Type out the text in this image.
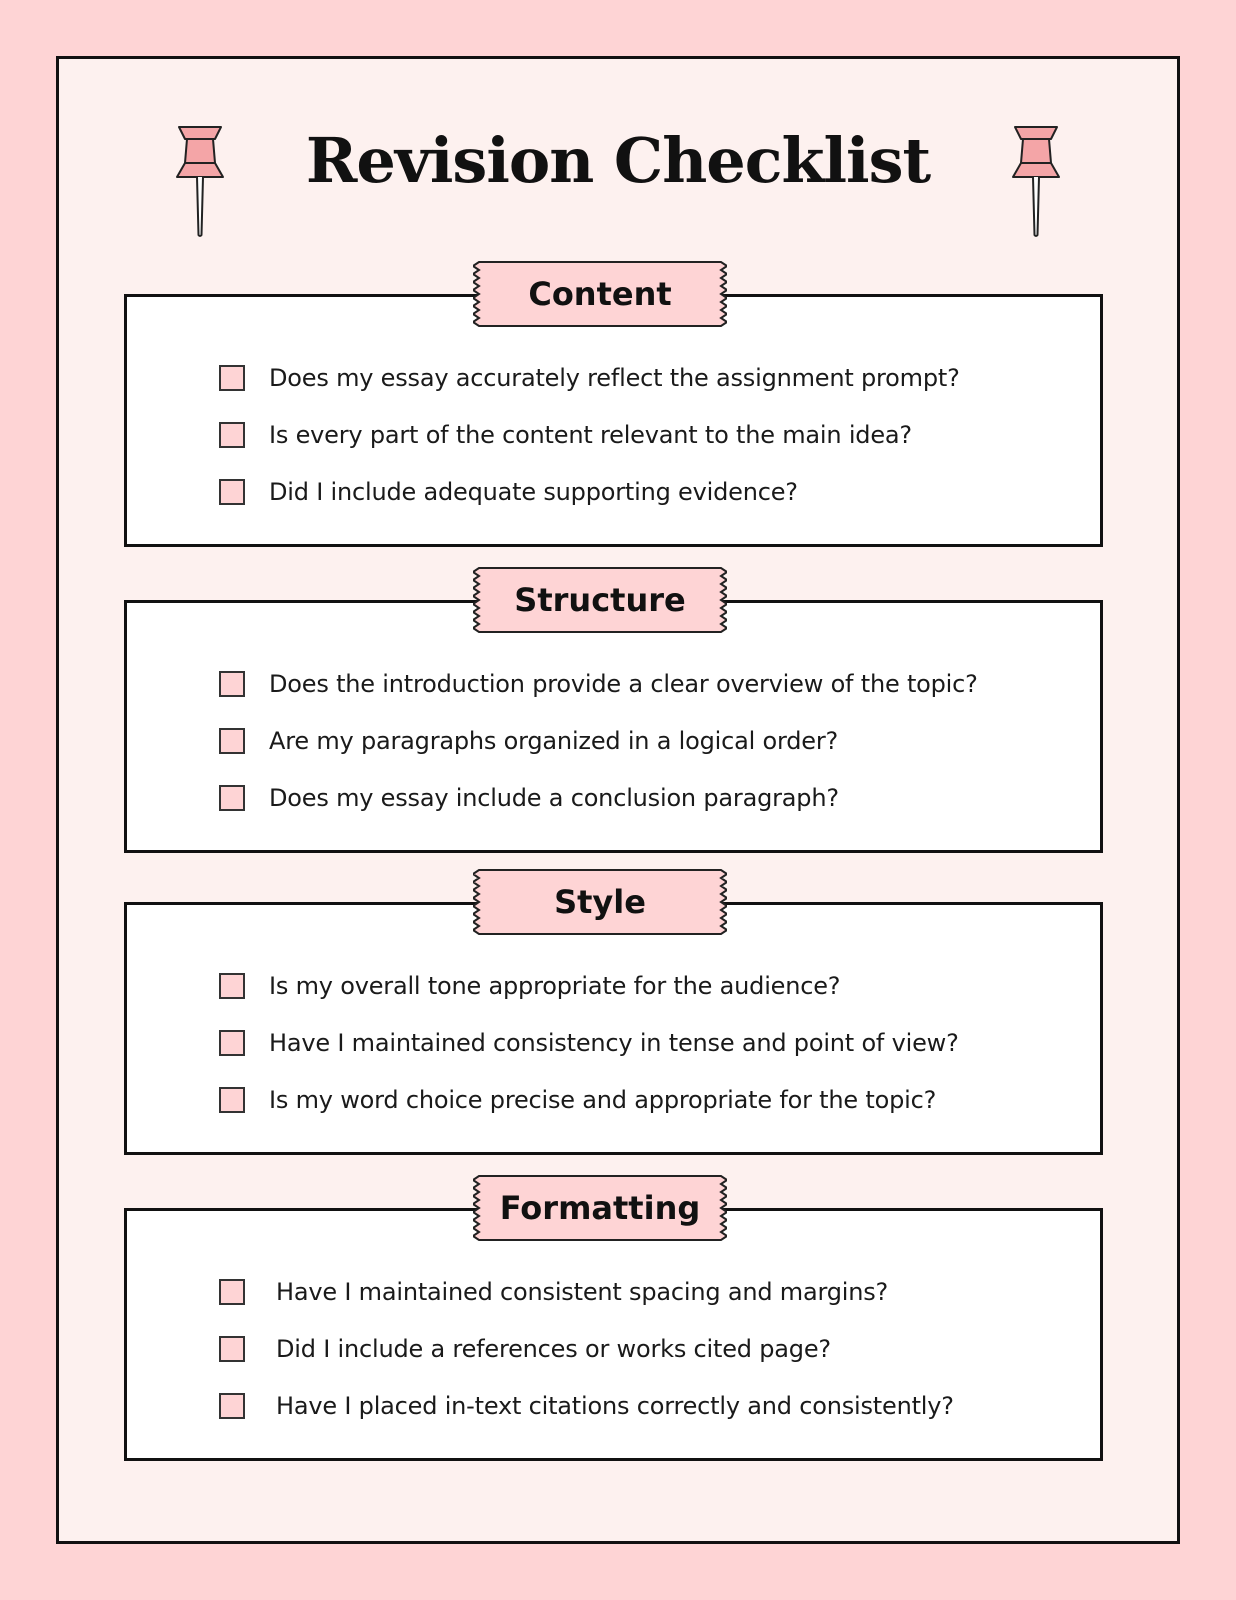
Revision Checklist
Content
Does my essay accurately reflect the assignment prompt?
Is every part of the content relevant to the main idea?
Did I include adequate supporting evidence?
Structure
Does the introduction provide a clear overview of the topic?
Are my paragraphs organized in a logical order?
Does my essay include a conclusion paragraph?
Style
Is my overall tone appropriate for the audience?
Have I maintained consistency in tense and point of view?
Is my word choice precise and appropriate for the topic?
Formatting
Have I maintained consistent spacing and margins?
Did I include a references or works cited page?
Have I placed in-text citations correctly and consistently?
